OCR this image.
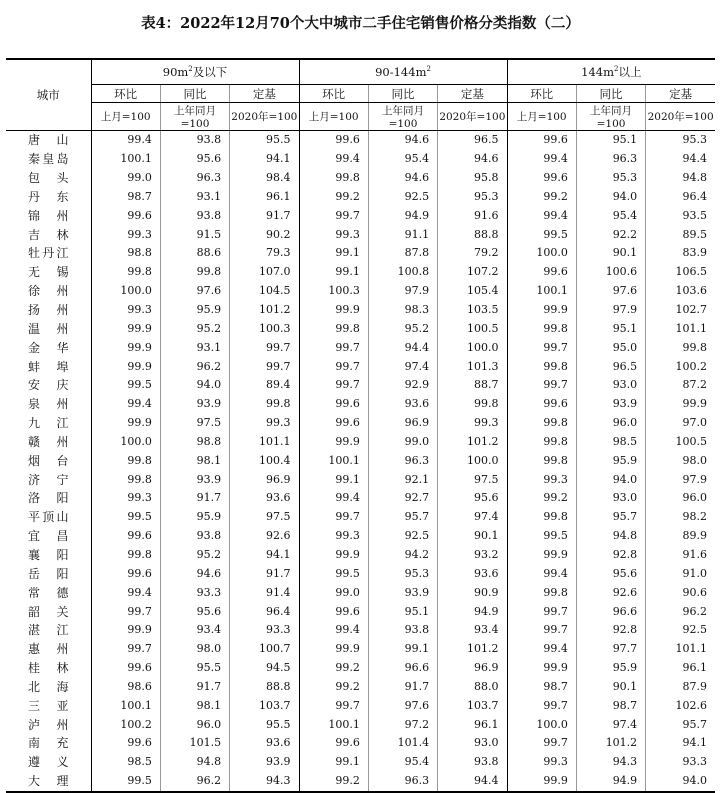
表4：2022年12月70个大中城市二手住宅销售价格分类指数（二）
城市	$90m^2$及以下			$90-144m^2$			$144m^2$以上		
	环比	同比	定基	环比	同比	定基	环比	同比	定基
	上月=100	上年同月=100	2020年=100	上月=100	上年同月=100	2020年=100	上月=100	上年同月=100	2020年=100
唐山	99.4	93.8	95.5	99.6	94.6	96.5	99.6	95.1	95.3
秦皇岛	100.1	95.6	94.1	99.4	95.4	94.6	99.4	96.3	94.4
包头	99.0	96.3	98.4	99.8	94.6	95.8	99.6	95.3	94.8
丹东	98.7	93.1	96.1	99.2	92.5	95.3	99.2	94.0	96.4
锦州	99.6	93.8	91.7	99.7	94.9	91.6	99.4	95.4	93.5
吉林	99.3	91.5	90.2	99.3	91.1	88.8	99.5	92.2	89.5
牡丹江	98.8	88.6	79.3	99.1	87.8	79.2	100.0	90.1	83.9
无锡	99.8	99.8	107.0	99.1	100.8	107.2	99.6	100.6	106.5
徐州	100.0	97.6	104.5	100.3	97.9	105.4	100.1	97.6	103.6
扬州	99.3	95.9	101.2	99.9	98.3	103.5	99.9	97.9	102.7
温州	99.9	95.2	100.3	99.8	95.2	100.5	99.8	95.1	101.1
金华	99.9	93.1	99.7	99.7	94.4	100.0	99.7	95.0	99.8
蚌埠	99.9	96.2	99.7	99.7	97.4	101.3	99.8	96.5	100.2
安庆	99.5	94.0	89.4	99.7	92.9	88.7	99.7	93.0	87.2
泉州	99.4	93.9	99.8	99.6	93.6	99.8	99.6	93.9	99.9
九江	99.9	97.5	99.3	99.6	96.9	99.3	99.8	96.0	97.0
赣州	100.0	98.8	101.1	99.9	99.0	101.2	99.8	98.5	100.5
烟台	99.8	98.1	100.4	100.1	96.3	100.0	99.8	95.9	98.0
济宁	99.8	93.9	96.9	99.1	92.1	97.5	99.3	94.0	97.9
洛阳	99.3	91.7	93.6	99.4	92.7	95.6	99.2	93.0	96.0
平顶山	99.5	95.9	97.5	99.7	95.7	97.4	99.8	95.7	98.2
宜昌	99.6	93.8	92.6	99.3	92.5	90.1	99.5	94.8	89.9
襄阳	99.8	95.2	94.1	99.9	94.2	93.2	99.9	92.8	91.6
岳阳	99.6	94.6	91.7	99.5	95.3	93.6	99.4	95.6	91.0
常德	99.4	93.3	91.4	99.0	93.9	90.9	99.8	92.6	90.6
韶关	99.7	95.6	96.4	99.6	95.1	94.9	99.7	96.6	96.2
湛江	99.9	93.4	93.3	99.4	93.8	93.4	99.7	92.8	92.5
惠州	99.7	98.0	100.7	99.9	99.1	101.2	99.4	97.7	101.1
桂林	99.6	95.5	94.5	99.2	96.6	96.9	99.9	95.9	96.1
北海	98.6	91.7	88.8	99.2	91.7	88.0	98.7	90.1	87.9
三亚	100.1	98.1	103.7	99.7	97.6	103.7	99.7	98.7	102.6
泸州	100.2	96.0	95.5	100.1	97.2	96.1	100.0	97.4	95.7
南充	99.6	101.5	93.6	99.6	101.4	93.0	99.7	101.2	94.1
遵义	98.5	94.8	93.9	99.1	95.4	93.8	99.3	94.3	93.3
大理	99.5	96.2	94.3	99.2	96.3	94.4	99.9	94.9	94.0
